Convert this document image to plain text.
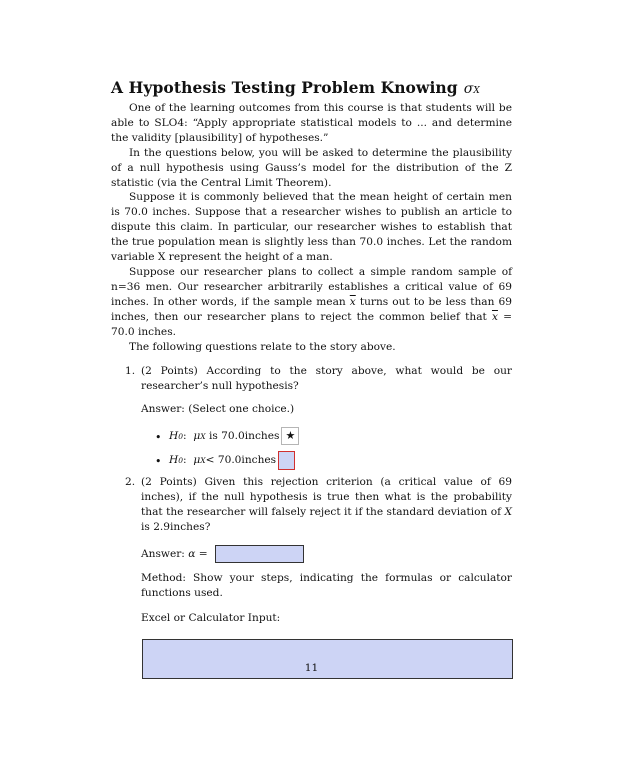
A Hypothesis Testing Problem Knowing σX

One of the learning outcomes from this course is that students will be able to SLO4: “Apply appropriate statistical models to ... and determine the validity [plausibility] of hypotheses.”

In the questions below, you will be asked to determine the plausibility of a null hypothesis using Gauss’s model for the distribution of the Z statistic (via the Central Limit Theorem).

Suppose it is commonly believed that the mean height of certain men is 70.0 inches. Suppose that a researcher wishes to publish an article to dispute this claim. In particular, our researcher wishes to establish that the true population mean is slightly less than 70.0 inches. Let the random variable X represent the height of a man.

Suppose our researcher plans to collect a simple random sample of n=36 men. Our researcher arbitrarily establishes a critical value of 69 inches. In other words, if the sample mean $\overline{x}$ turns out to be less than 69 inches, then our researcher plans to reject the common belief that $\overline{x} = 70.0$ inches.

The following questions relate to the story above.

1. (2 Points) According to the story above, what would be our researcher’s null hypothesis?
Answer: (Select one choice.)
• H 0 :
μ X
is 70.0inches ★
• H 0 :
μ X < 70.0inches
2. (2 Points) Given this rejection criterion (a critical value of 69 inches), if the null hypothesis is true then what is the probability that the researcher will falsely reject it if the standard deviation of X is 2.9inches?
Answer: α =
Method: Show your steps, indicating the formulas or calculator functions used.
Excel or Calculator Input:
11
